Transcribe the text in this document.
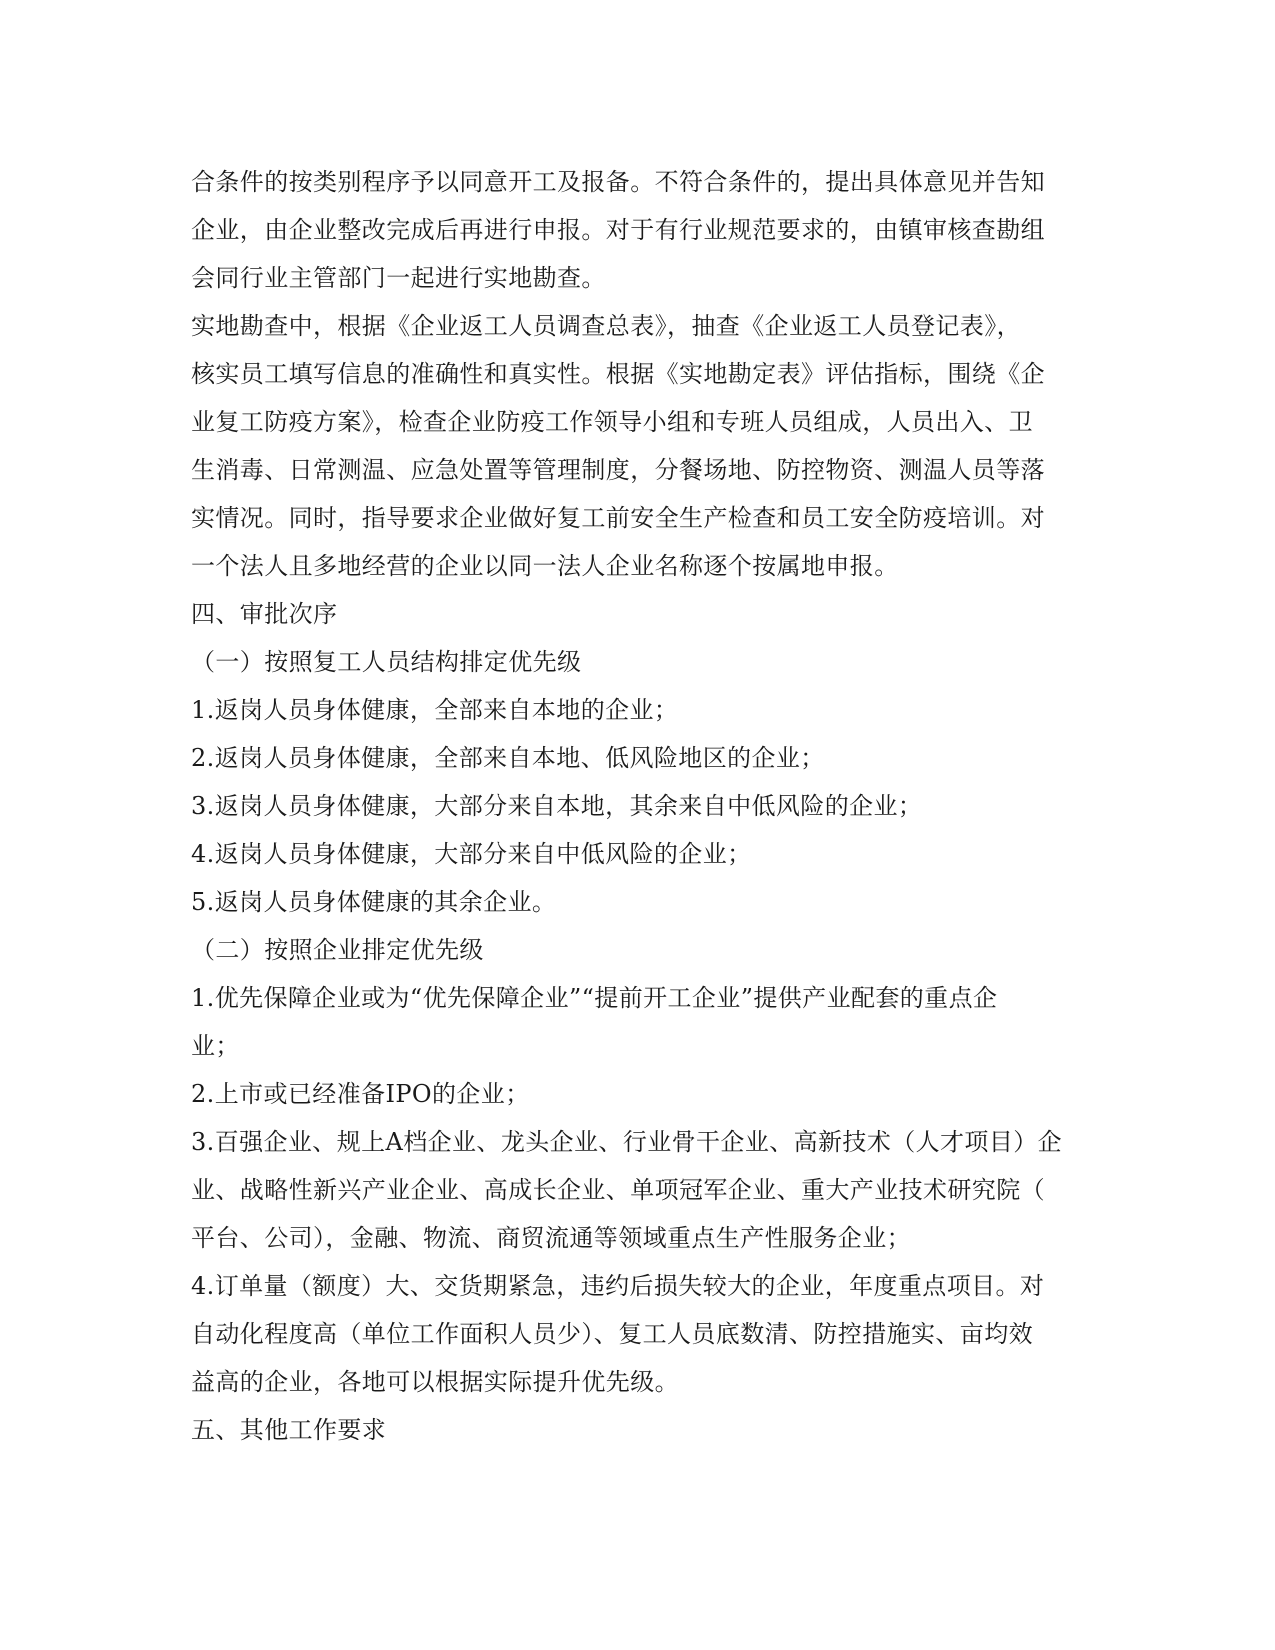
合条件的按类别程序予以同意开工及报备。不符合条件的，提出具体意见并告知
企业，由企业整改完成后再进行申报。对于有行业规范要求的，由镇审核查勘组
会同行业主管部门一起进行实地勘查。
实地勘查中，根据《企业返工人员调查总表》，抽查《企业返工人员登记表》，
核实员工填写信息的准确性和真实性。根据《实地勘定表》评估指标，围绕《企
业复工防疫方案》，检查企业防疫工作领导小组和专班人员组成，人员出入、卫
生消毒、日常测温、应急处置等管理制度，分餐场地、防控物资、测温人员等落
实情况。同时，指导要求企业做好复工前安全生产检查和员工安全防疫培训。对
一个法人且多地经营的企业以同一法人企业名称逐个按属地申报。
四、审批次序
（一）按照复工人员结构排定优先级
1.返岗人员身体健康，全部来自本地的企业；
2.返岗人员身体健康，全部来自本地、低风险地区的企业；
3.返岗人员身体健康，大部分来自本地，其余来自中低风险的企业；
4.返岗人员身体健康，大部分来自中低风险的企业；
5.返岗人员身体健康的其余企业。
（二）按照企业排定优先级
1.优先保障企业或为“优先保障企业”“提前开工企业”提供产业配套的重点企
业；
2.上市或已经准备IPO的企业；
3.百强企业、规上A档企业、龙头企业、行业骨干企业、高新技术（人才项目）企
业、战略性新兴产业企业、高成长企业、单项冠军企业、重大产业技术研究院（
平台、公司），金融、物流、商贸流通等领域重点生产性服务企业；
4.订单量（额度）大、交货期紧急，违约后损失较大的企业，年度重点项目。对
自动化程度高（单位工作面积人员少）、复工人员底数清、防控措施实、亩均效
益高的企业，各地可以根据实际提升优先级。
五、其他工作要求
